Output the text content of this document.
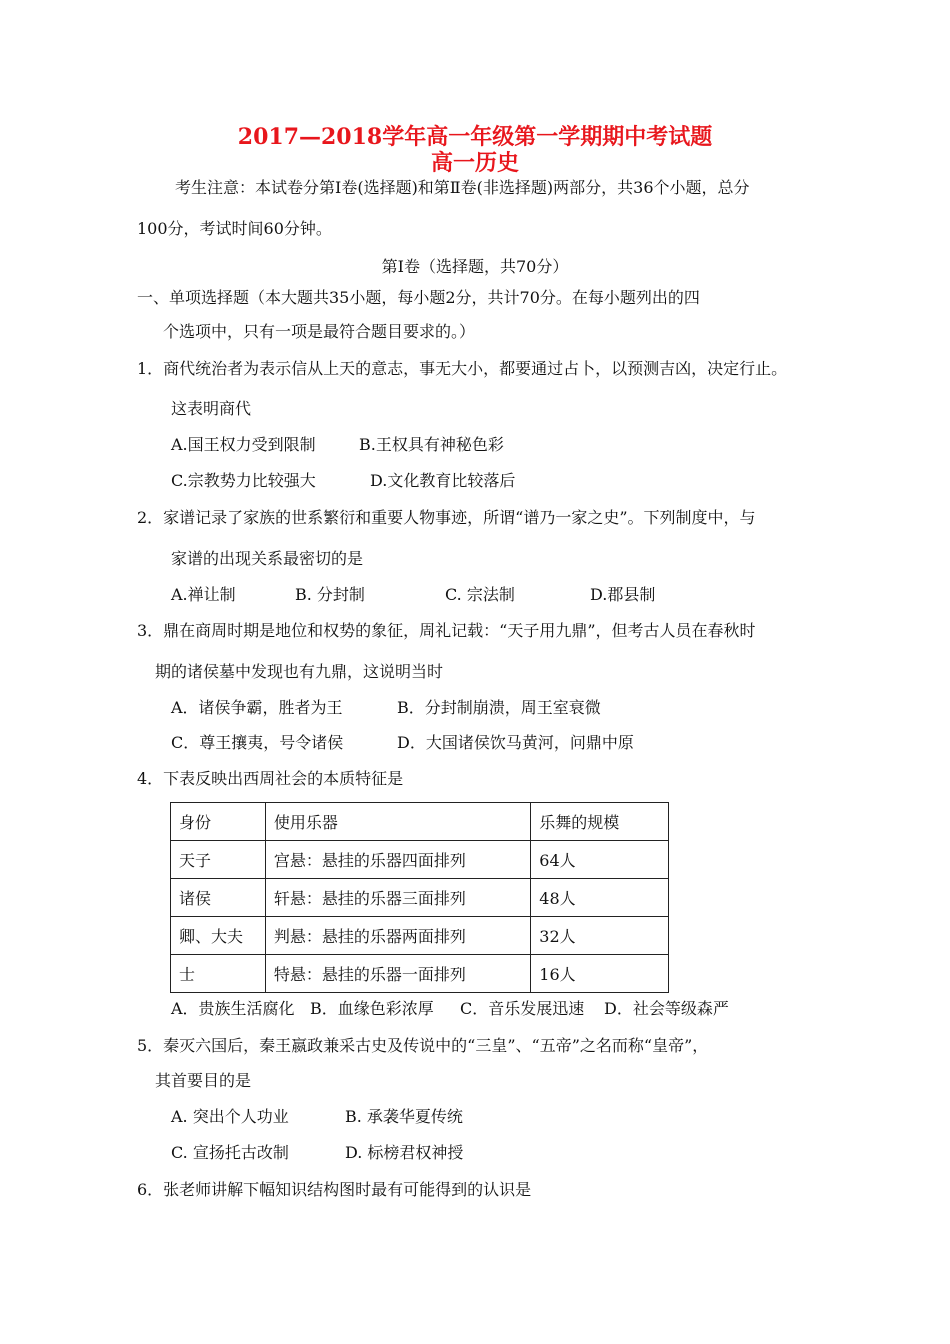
2017—2018学年高一年级第一学期期中考试题
高一历史
考生注意：本试卷分第Ⅰ卷(选择题)和第Ⅱ卷(非选择题)两部分，共36个小题，总分
100分，考试时间60分钟。
第Ⅰ卷（选择题，共70分）
一、单项选择题（本大题共35小题，每小题2分，共计70分。在每小题列出的四
个选项中，只有一项是最符合题目要求的。）
1．商代统治者为表示信从上天的意志，事无大小，都要通过占卜，以预测吉凶，决定行止。
这表明商代
A.国王权力受到限制	B.王权具有神秘色彩
C.宗教势力比较强大	D.文化教育比较落后
2．家谱记录了家族的世系繁衍和重要人物事迹，所谓“谱乃一家之史”。下列制度中，与
家谱的出现关系最密切的是
A.禅让制	B. 分封制	C. 宗法制	D.郡县制
3．鼎在商周时期是地位和权势的象征，周礼记载：“天子用九鼎”，但考古人员在春秋时
期的诸侯墓中发现也有九鼎，这说明当时
A．诸侯争霸，胜者为王	B．分封制崩溃，周王室衰微
C．尊王攘夷，号令诸侯	D．大国诸侯饮马黄河，问鼎中原
4．下表反映出西周社会的本质特征是
身份	使用乐器	乐舞的规模
天子	宫悬：悬挂的乐器四面排列	64人
诸侯	轩悬：悬挂的乐器三面排列	48人
卿、大夫	判悬：悬挂的乐器两面排列	32人
士	特悬：悬挂的乐器一面排列	16人
A．贵族生活腐化 B．血缘色彩浓厚 C．音乐发展迅速 D．社会等级森严
5．秦灭六国后，秦王嬴政兼采古史及传说中的“三皇”、“五帝”之名而称“皇帝”，
其首要目的是
A. 突出个人功业	B. 承袭华夏传统
C. 宣扬托古改制	D. 标榜君权神授
6．张老师讲解下幅知识结构图时最有可能得到的认识是
